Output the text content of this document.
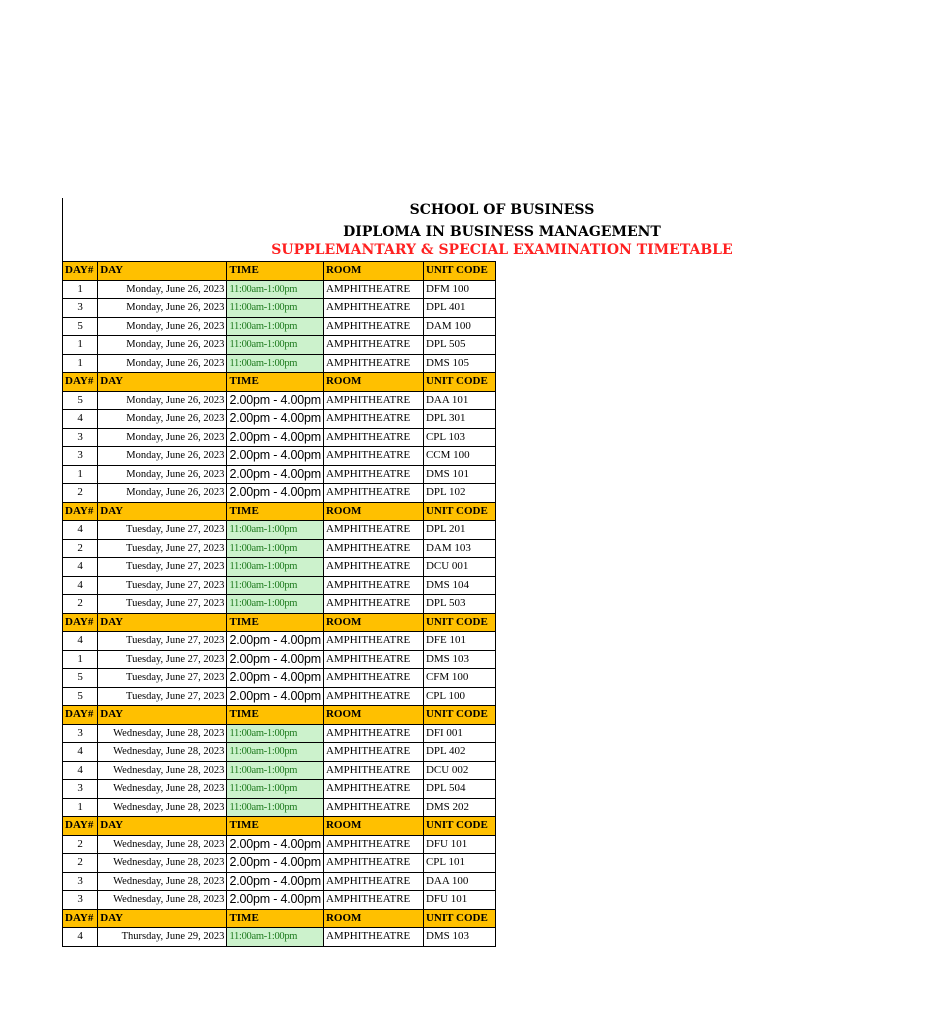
SCHOOL OF BUSINESS
DIPLOMA IN BUSINESS MANAGEMENT
SUPPLEMANTARY & SPECIAL EXAMINATION TIMETABLE
DAY#	DAY	TIME	ROOM	UNIT CODE
1	Monday, June 26, 2023	11:00am-1:00pm	AMPHITHEATRE	DFM 100
3	Monday, June 26, 2023	11:00am-1:00pm	AMPHITHEATRE	DPL 401
5	Monday, June 26, 2023	11:00am-1:00pm	AMPHITHEATRE	DAM 100
1	Monday, June 26, 2023	11:00am-1:00pm	AMPHITHEATRE	DPL 505
1	Monday, June 26, 2023	11:00am-1:00pm	AMPHITHEATRE	DMS 105
DAY#	DAY	TIME	ROOM	UNIT CODE
5	Monday, June 26, 2023	2.00pm - 4.00pm	AMPHITHEATRE	DAA 101
4	Monday, June 26, 2023	2.00pm - 4.00pm	AMPHITHEATRE	DPL 301
3	Monday, June 26, 2023	2.00pm - 4.00pm	AMPHITHEATRE	CPL 103
3	Monday, June 26, 2023	2.00pm - 4.00pm	AMPHITHEATRE	CCM 100
1	Monday, June 26, 2023	2.00pm - 4.00pm	AMPHITHEATRE	DMS 101
2	Monday, June 26, 2023	2.00pm - 4.00pm	AMPHITHEATRE	DPL 102
DAY#	DAY	TIME	ROOM	UNIT CODE
4	Tuesday, June 27, 2023	11:00am-1:00pm	AMPHITHEATRE	DPL 201
2	Tuesday, June 27, 2023	11:00am-1:00pm	AMPHITHEATRE	DAM 103
4	Tuesday, June 27, 2023	11:00am-1:00pm	AMPHITHEATRE	DCU 001
4	Tuesday, June 27, 2023	11:00am-1:00pm	AMPHITHEATRE	DMS 104
2	Tuesday, June 27, 2023	11:00am-1:00pm	AMPHITHEATRE	DPL 503
DAY#	DAY	TIME	ROOM	UNIT CODE
4	Tuesday, June 27, 2023	2.00pm - 4.00pm	AMPHITHEATRE	DFE 101
1	Tuesday, June 27, 2023	2.00pm - 4.00pm	AMPHITHEATRE	DMS 103
5	Tuesday, June 27, 2023	2.00pm - 4.00pm	AMPHITHEATRE	CFM 100
5	Tuesday, June 27, 2023	2.00pm - 4.00pm	AMPHITHEATRE	CPL 100
DAY#	DAY	TIME	ROOM	UNIT CODE
3	Wednesday, June 28, 2023	11:00am-1:00pm	AMPHITHEATRE	DFI 001
4	Wednesday, June 28, 2023	11:00am-1:00pm	AMPHITHEATRE	DPL 402
4	Wednesday, June 28, 2023	11:00am-1:00pm	AMPHITHEATRE	DCU 002
3	Wednesday, June 28, 2023	11:00am-1:00pm	AMPHITHEATRE	DPL 504
1	Wednesday, June 28, 2023	11:00am-1:00pm	AMPHITHEATRE	DMS 202
DAY#	DAY	TIME	ROOM	UNIT CODE
2	Wednesday, June 28, 2023	2.00pm - 4.00pm	AMPHITHEATRE	DFU 101
2	Wednesday, June 28, 2023	2.00pm - 4.00pm	AMPHITHEATRE	CPL 101
3	Wednesday, June 28, 2023	2.00pm - 4.00pm	AMPHITHEATRE	DAA 100
3	Wednesday, June 28, 2023	2.00pm - 4.00pm	AMPHITHEATRE	DFU 101
DAY#	DAY	TIME	ROOM	UNIT CODE
4	Thursday, June 29, 2023	11:00am-1:00pm	AMPHITHEATRE	DMS 103
